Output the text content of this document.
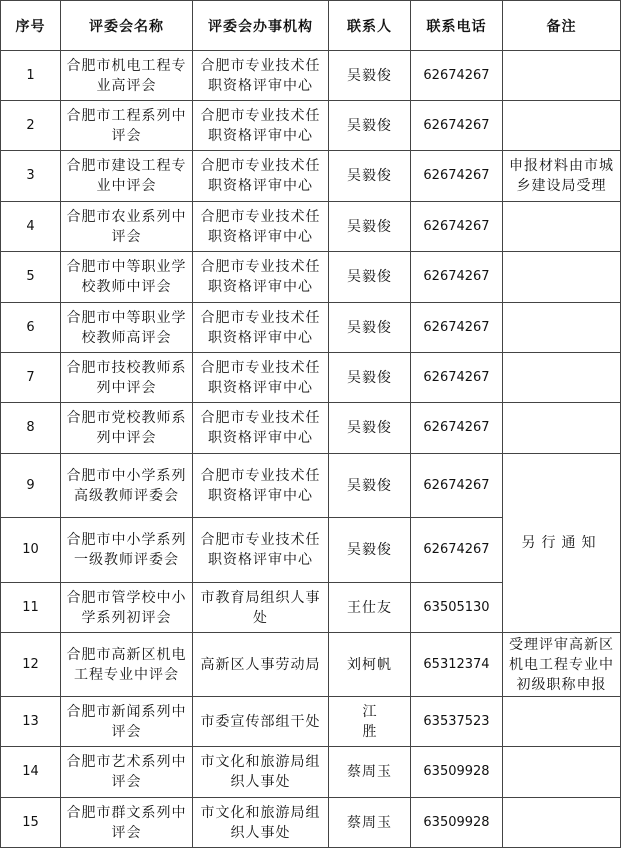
序号	评委会名称	评委会办事机构	联系人	联系电话	备注
1	合肥市机电工程专业高评会	合肥市专业技术任职资格评审中心	吴毅俊	62674267	
2	合肥市工程系列中评会	合肥市专业技术任职资格评审中心	吴毅俊	62674267	
3	合肥市建设工程专业中评会	合肥市专业技术任职资格评审中心	吴毅俊	62674267	申报材料由市城乡建设局受理
4	合肥市农业系列中评会	合肥市专业技术任职资格评审中心	吴毅俊	62674267	
5	合肥市中等职业学校教师中评会	合肥市专业技术任职资格评审中心	吴毅俊	62674267	
6	合肥市中等职业学校教师高评会	合肥市专业技术任职资格评审中心	吴毅俊	62674267	
7	合肥市技校教师系列中评会	合肥市专业技术任职资格评审中心	吴毅俊	62674267	
8	合肥市党校教师系列中评会	合肥市专业技术任职资格评审中心	吴毅俊	62674267	
9	合肥市中小学系列高级教师评委会	合肥市专业技术任职资格评审中心	吴毅俊	62674267	另行通知
10	合肥市中小学系列一级教师评委会	合肥市专业技术任职资格评审中心	吴毅俊	62674267	
11	合肥市管学校中小学系列初评会	市教育局组织人事处	王仕友	63505130	
12	合肥市高新区机电工程专业中评会	高新区人事劳动局	刘柯帆	65312374	受理评审高新区机电工程专业中初级职称申报
13	合肥市新闻系列中评会	市委宣传部组干处	江胜	63537523	
14	合肥市艺术系列中评会	市文化和旅游局组织人事处	蔡周玉	63509928	
15	合肥市群文系列中评会	市文化和旅游局组织人事处	蔡周玉	63509928	
